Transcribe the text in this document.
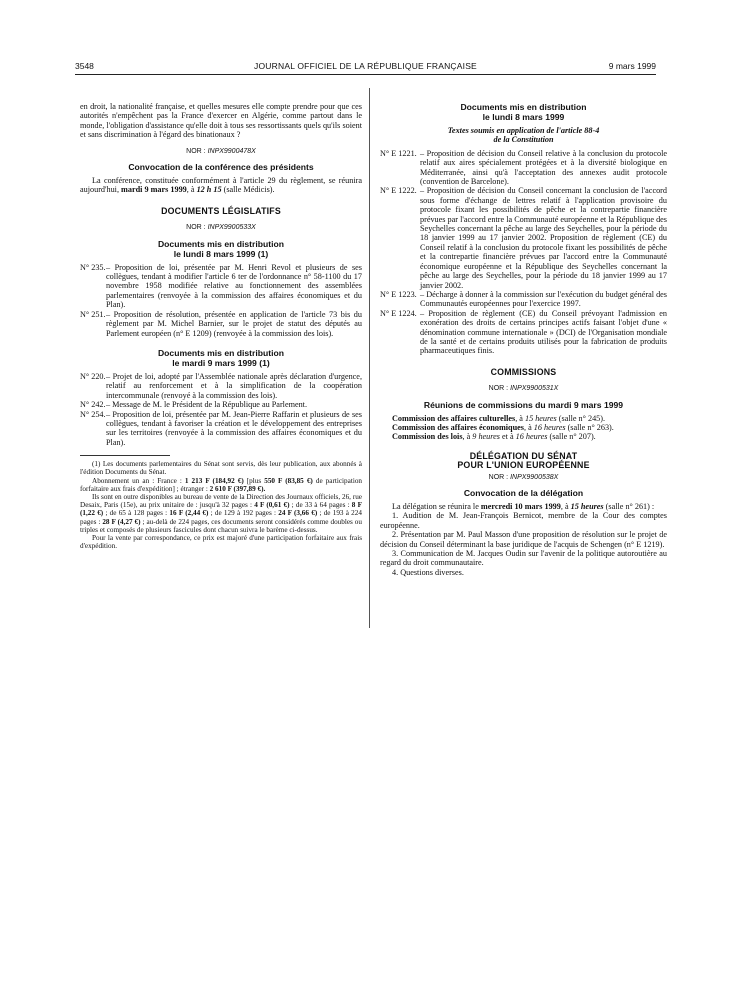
3548	JOURNAL OFFICIEL DE LA RÉPUBLIQUE FRANÇAISE	9 mars 1999

en droit, la nationalité française, et quelles mesures elle compte prendre pour que ces autorités n'empêchent pas la France d'exercer en Algérie, comme partout dans le monde, l'obligation d'assistance qu'elle doit à tous ses ressortissants quels qu'ils soient et sans discrimination à l'égard des binationaux ?

NOR : INPX9900478X
Convocation de la conférence des présidents

La conférence, constituée conformément à l'article 29 du règlement, se réunira aujourd'hui, mardi 9 mars 1999, à 12 h 15 (salle Médicis).

DOCUMENTS LÉGISLATIFS
NOR : INPX9900533X
Documents mis en distribution
le lundi 8 mars 1999 (1)
N° 235.– Proposition de loi, présentée par M. Henri Revol et plusieurs de ses collègues, tendant à modifier l'article 6 ter de l'ordonnance n° 58-1100 du 17 novembre 1958 modifiée relative au fonctionnement des assemblées parlementaires (renvoyée à la commission des affaires économiques et du Plan).
N° 251.– Proposition de résolution, présentée en application de l'article 73 bis du règlement par M. Michel Barnier, sur le projet de statut des députés au Parlement européen (n° E 1209) (renvoyée à la commission des lois).
Documents mis en distribution
le mardi 9 mars 1999 (1)
N° 220.– Projet de loi, adopté par l'Assemblée nationale après déclaration d'urgence, relatif au renforcement et à la simplification de la coopération intercommunale (renvoyé à la commission des lois).
N° 242.– Message de M. le Président de la République au Parlement.
N° 254.– Proposition de loi, présentée par M. Jean-Pierre Raffarin et plusieurs de ses collègues, tendant à favoriser la création et le développement des entreprises sur les territoires (renvoyée à la commission des affaires économiques et du Plan).

(1) Les documents parlementaires du Sénat sont servis, dès leur publication, aux abonnés à l'édition Documents du Sénat.

Abonnement un an : France : 1 213 F (184,92 €) [plus 550 F (83,85 €) de participation forfaitaire aux frais d'expédition] ; étranger : 2 610 F (397,89 €).

Ils sont en outre disponibles au bureau de vente de la Direction des Journaux officiels, 26, rue Desaix, Paris (15e), au prix unitaire de : jusqu'à 32 pages : 4 F (0,61 €) ; de 33 à 64 pages : 8 F (1,22 €) ; de 65 à 128 pages : 16 F (2,44 €) ; de 129 à 192 pages : 24 F (3,66 €) ; de 193 à 224 pages : 28 F (4,27 €) ; au-delà de 224 pages, ces documents seront considérés comme doubles ou triples et composés de plusieurs fascicules dont chacun suivra le barème ci-dessus.

Pour la vente par correspondance, ce prix est majoré d'une participation forfaitaire aux frais d'expédition.

Documents mis en distribution
le lundi 8 mars 1999
Textes soumis en application de l'article 88-4
de la Constitution
N° E 1221. – Proposition de décision du Conseil relative à la conclusion du protocole relatif aux aires spécialement protégées et à la diversité biologique en Méditerranée, ainsi qu'à l'acceptation des annexes audit protocole (convention de Barcelone).
N° E 1222. – Proposition de décision du Conseil concernant la conclusion de l'accord sous forme d'échange de lettres relatif à l'application provisoire du protocole fixant les possibilités de pêche et la contrepartie financière prévues par l'accord entre la Communauté européenne et la République des Seychelles concernant la pêche au large des Seychelles, pour la période du 18 janvier 1999 au 17 janvier 2002. Proposition de règlement (CE) du Conseil relatif à la conclusion du protocole fixant les possibilités de pêche et la contrepartie financière prévues par l'accord entre la Communauté économique européenne et la République des Seychelles concernant la pêche au large des Seychelles, pour la période du 18 janvier 1999 au 17 janvier 2002.
N° E 1223. – Décharge à donner à la commission sur l'exécution du budget général des Communautés européennes pour l'exercice 1997.
N° E 1224. – Proposition de règlement (CE) du Conseil prévoyant l'admission en exonération des droits de certains principes actifs faisant l'objet d'une « dénomination commune internationale » (DCI) de l'Organisation mondiale de la santé et de certains produits utilisés pour la fabrication de produits pharmaceutiques finis.
COMMISSIONS
NOR : INPX9900531X
Réunions de commissions du mardi 9 mars 1999

Commission des affaires culturelles, à 15 heures (salle n° 245).

Commission des affaires économiques, à 16 heures (salle n° 263).

Commission des lois, à 9 heures et à 16 heures (salle n° 207).

DÉLÉGATION DU SÉNAT
POUR L'UNION EUROPÉENNE
NOR : INPX9900538X
Convocation de la délégation

La délégation se réunira le mercredi 10 mars 1999, à 15 heures (salle n° 261) :

1. Audition de M. Jean-François Bernicot, membre de la Cour des comptes européenne.

2. Présentation par M. Paul Masson d'une proposition de résolution sur le projet de décision du Conseil déterminant la base juridique de l'acquis de Schengen (n° E 1219).

3. Communication de M. Jacques Oudin sur l'avenir de la politique autoroutière au regard du droit communautaire.

4. Questions diverses.
